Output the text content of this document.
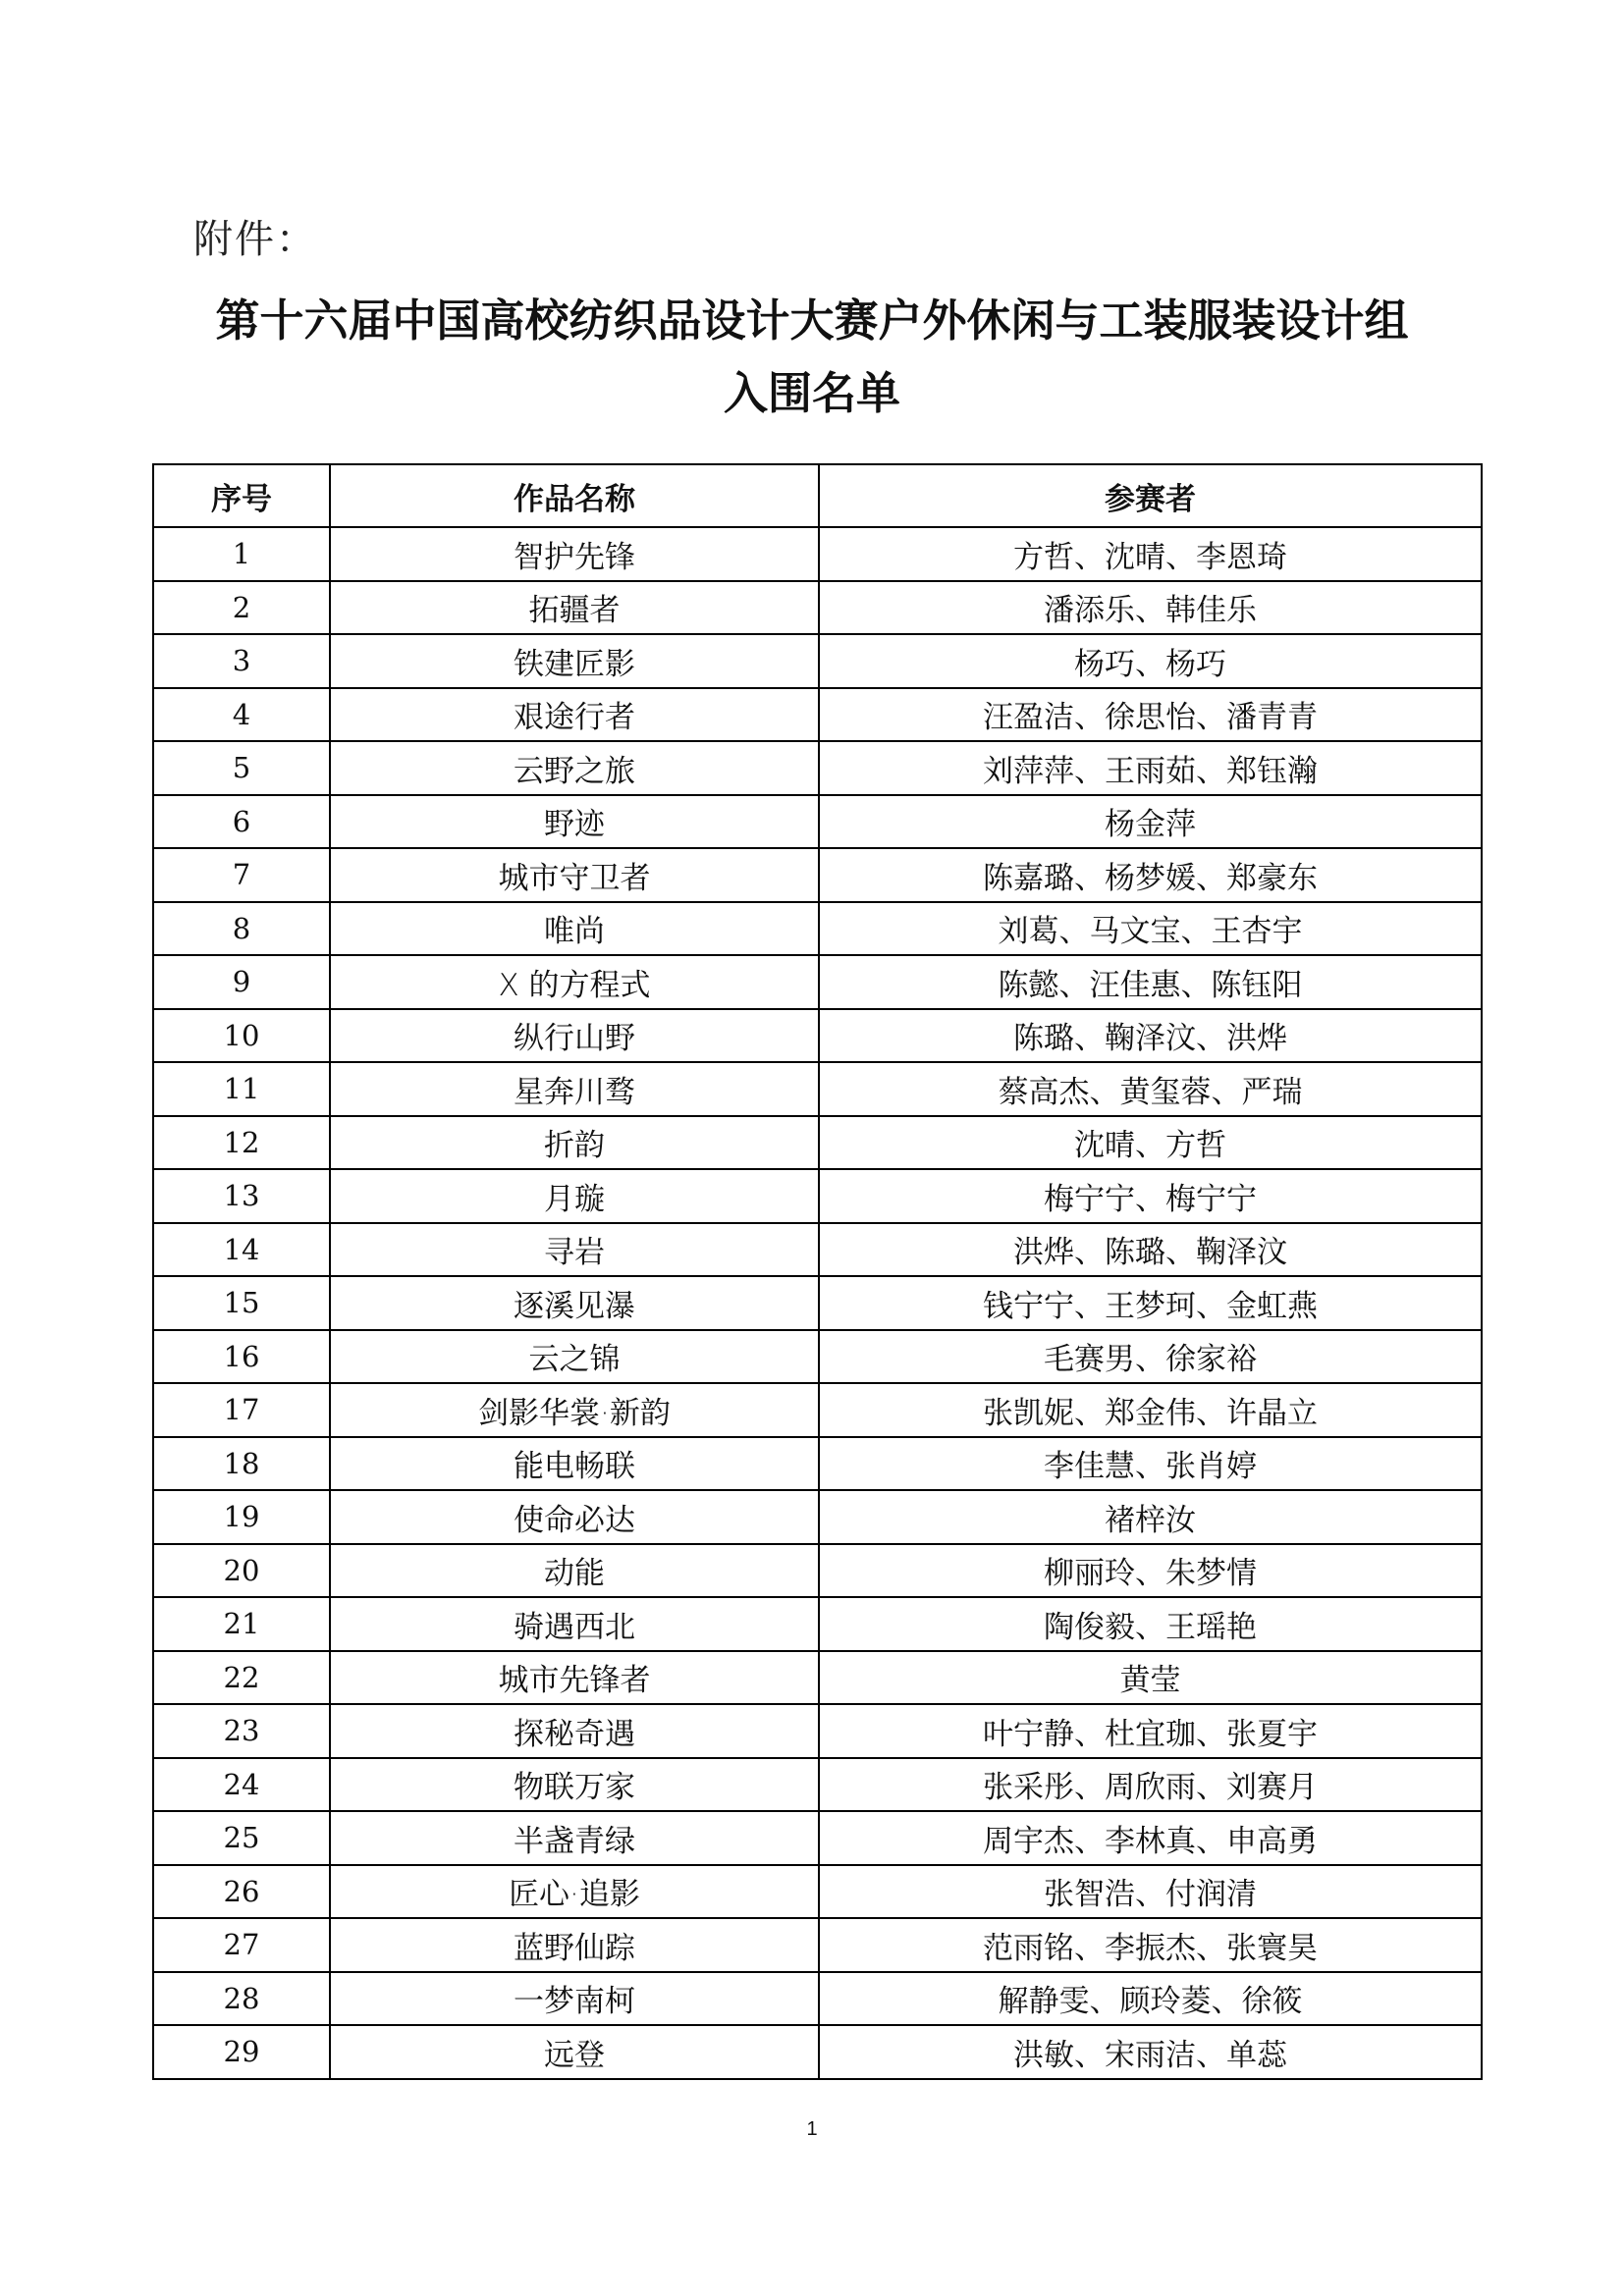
附件：
第十六届中国高校纺织品设计大赛户外休闲与工装服装设计组
入围名单
序号	作品名称	参赛者
1	智护先锋	方哲、沈晴、李恩琦
2	拓疆者	潘添乐、韩佳乐
3	铁建匠影	杨巧、杨巧
4	艰途行者	汪盈洁、徐思怡、潘青青
5	云野之旅	刘萍萍、王雨茹、郑钰瀚
6	野迹	杨金萍
7	城市守卫者	陈嘉璐、杨梦媛、郑豪东
8	唯尚	刘葛、马文宝、王杏宇
9	X 的方程式	陈懿、汪佳惠、陈钰阳
10	纵行山野	陈璐、鞠泽汶、洪烨
11	星奔川骛	蔡高杰、黄玺蓉、严瑞
12	折韵	沈晴、方哲
13	月璇	梅宁宁、梅宁宁
14	寻岩	洪烨、陈璐、鞠泽汶
15	逐溪见瀑	钱宁宁、王梦珂、金虹燕
16	云之锦	毛赛男、徐家裕
17	剑影华裳·新韵	张凯妮、郑金伟、许晶立
18	能电畅联	李佳慧、张肖婷
19	使命必达	褚梓汝
20	动能	柳丽玲、朱梦情
21	骑遇西北	陶俊毅、王瑶艳
22	城市先锋者	黄莹
23	探秘奇遇	叶宁静、杜宜珈、张夏宇
24	物联万家	张采彤、周欣雨、刘赛月
25	半盏青绿	周宇杰、李林真、申高勇
26	匠心·追影	张智浩、付润清
27	蓝野仙踪	范雨铭、李振杰、张寰昊
28	一梦南柯	解静雯、顾玲菱、徐筱
29	远登	洪敏、宋雨洁、单蕊
1
